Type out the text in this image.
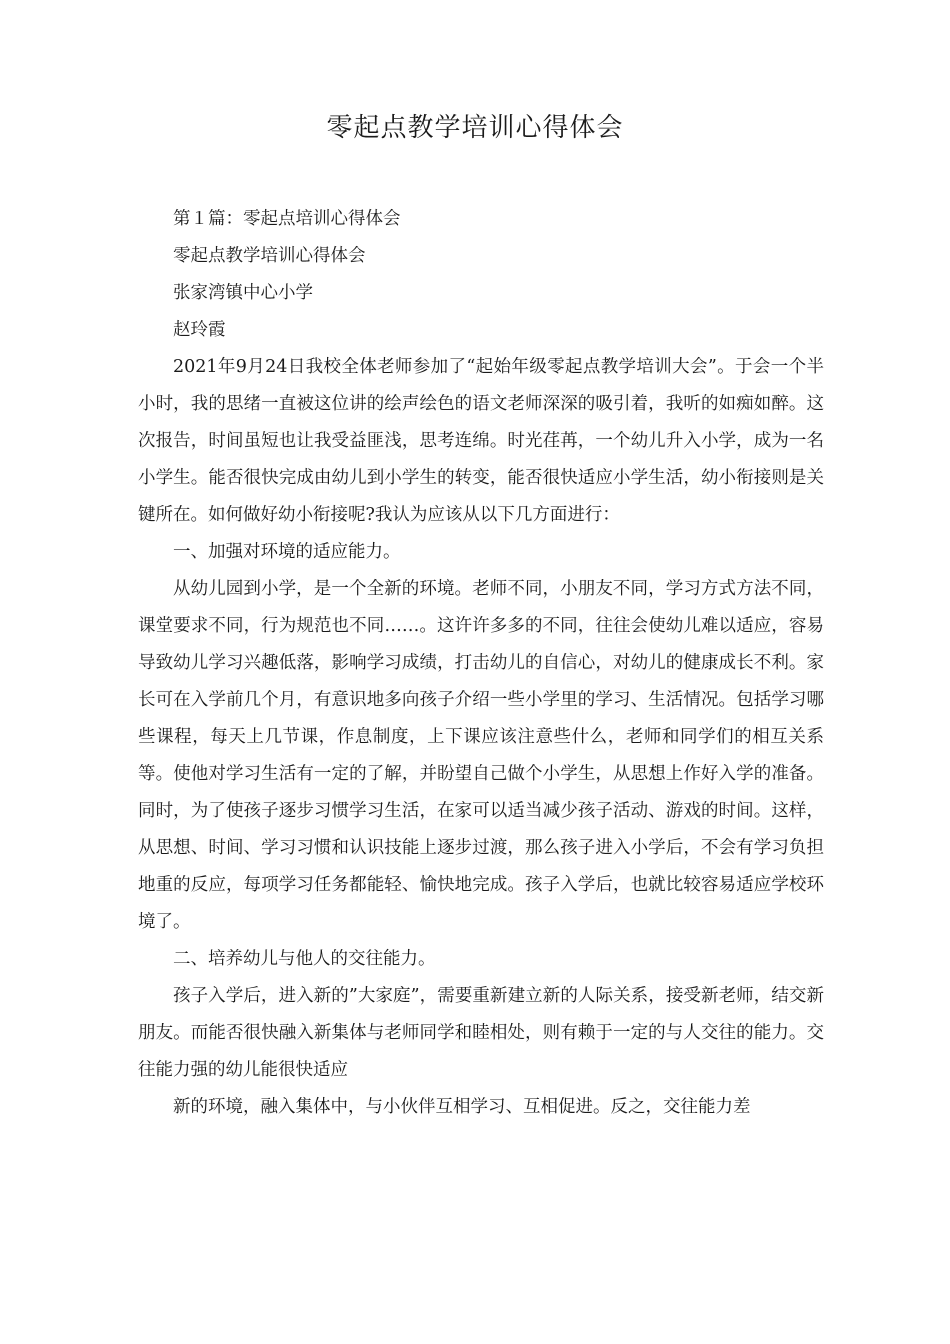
零起点教学培训心得体会

第１篇：零起点培训心得体会

零起点教学培训心得体会

张家湾镇中心小学

赵玲霞

2021年9月24日我校全体老师参加了“起始年级零起点教学培训大会”。于会一个半小时，我的思绪一直被这位讲的绘声绘色的语文老师深深的吸引着，我听的如痴如醉。这次报告，时间虽短也让我受益匪浅，思考连绵。时光荏苒，一个幼儿升入小学，成为一名小学生。能否很快完成由幼儿到小学生的转变，能否很快适应小学生活，幼小衔接则是关键所在。如何做好幼小衔接呢?我认为应该从以下几方面进行：

一、加强对环境的适应能力。

从幼儿园到小学，是一个全新的环境。老师不同，小朋友不同，学习方式方法不同，课堂要求不同，行为规范也不同……。这许许多多的不同，往往会使幼儿难以适应，容易导致幼儿学习兴趣低落，影响学习成绩，打击幼儿的自信心，对幼儿的健康成长不利。家长可在入学前几个月，有意识地多向孩子介绍一些小学里的学习、生活情况。包括学习哪些课程，每天上几节课，作息制度，上下课应该注意些什么，老师和同学们的相互关系等。使他对学习生活有一定的了解，并盼望自己做个小学生，从思想上作好入学的准备。同时，为了使孩子逐步习惯学习生活，在家可以适当减少孩子活动、游戏的时间。这样，从思想、时间、学习习惯和认识技能上逐步过渡，那么孩子进入小学后，不会有学习负担地重的反应，每项学习任务都能轻、愉快地完成。孩子入学后，也就比较容易适应学校环境了。

二、培养幼儿与他人的交往能力。

孩子入学后，进入新的”大家庭”，需要重新建立新的人际关系，接受新老师，结交新朋友。而能否很快融入新集体与老师同学和睦相处，则有赖于一定的与人交往的能力。交往能力强的幼儿能很快适应

新的环境，融入集体中，与小伙伴互相学习、互相促进。反之，交往能力差
